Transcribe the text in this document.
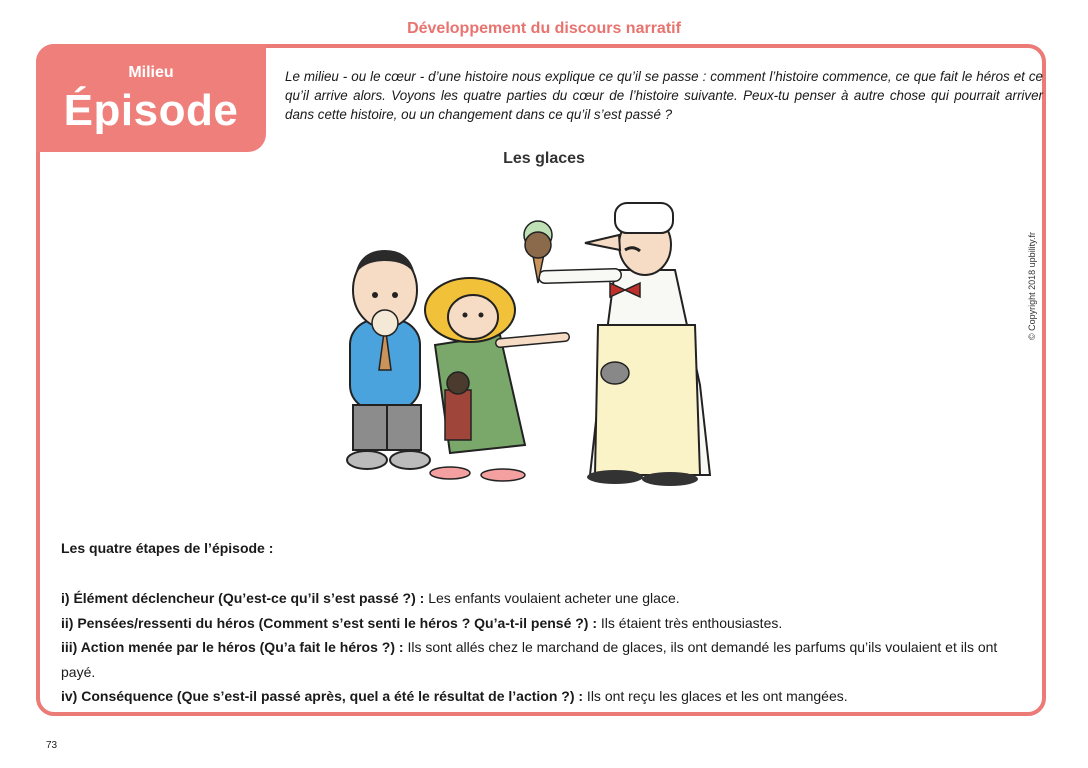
Développement du discours narratif
Milieu
Épisode
Le milieu - ou le cœur - d’une histoire nous explique ce qu’il se passe : comment l’histoire commence, ce que fait le héros et ce qu’il arrive alors. Voyons les quatre parties du cœur de l’histoire suivante. Peux-tu penser à autre chose qui pourrait arriver dans cette histoire, ou un changement dans ce qu’il s’est passé ?
Les glaces
© Copyright 2018 upbility.fr
Les quatre étapes de l’épisode :
i) Élément déclencheur (Qu’est-ce qu’il s’est passé ?) : Les enfants voulaient acheter une glace.
ii) Pensées/ressenti du héros (Comment s’est senti le héros ? Qu’a-t-il pensé ?) : Ils étaient très enthousiastes.
iii) Action menée par le héros (Qu’a fait le héros ?) : Ils sont allés chez le marchand de glaces, ils ont demandé les parfums qu’ils voulaient et ils ont payé.
iv) Conséquence (Que s’est-il passé après, quel a été le résultat de l’action ?) : Ils ont reçu les glaces et les ont mangées.
73
